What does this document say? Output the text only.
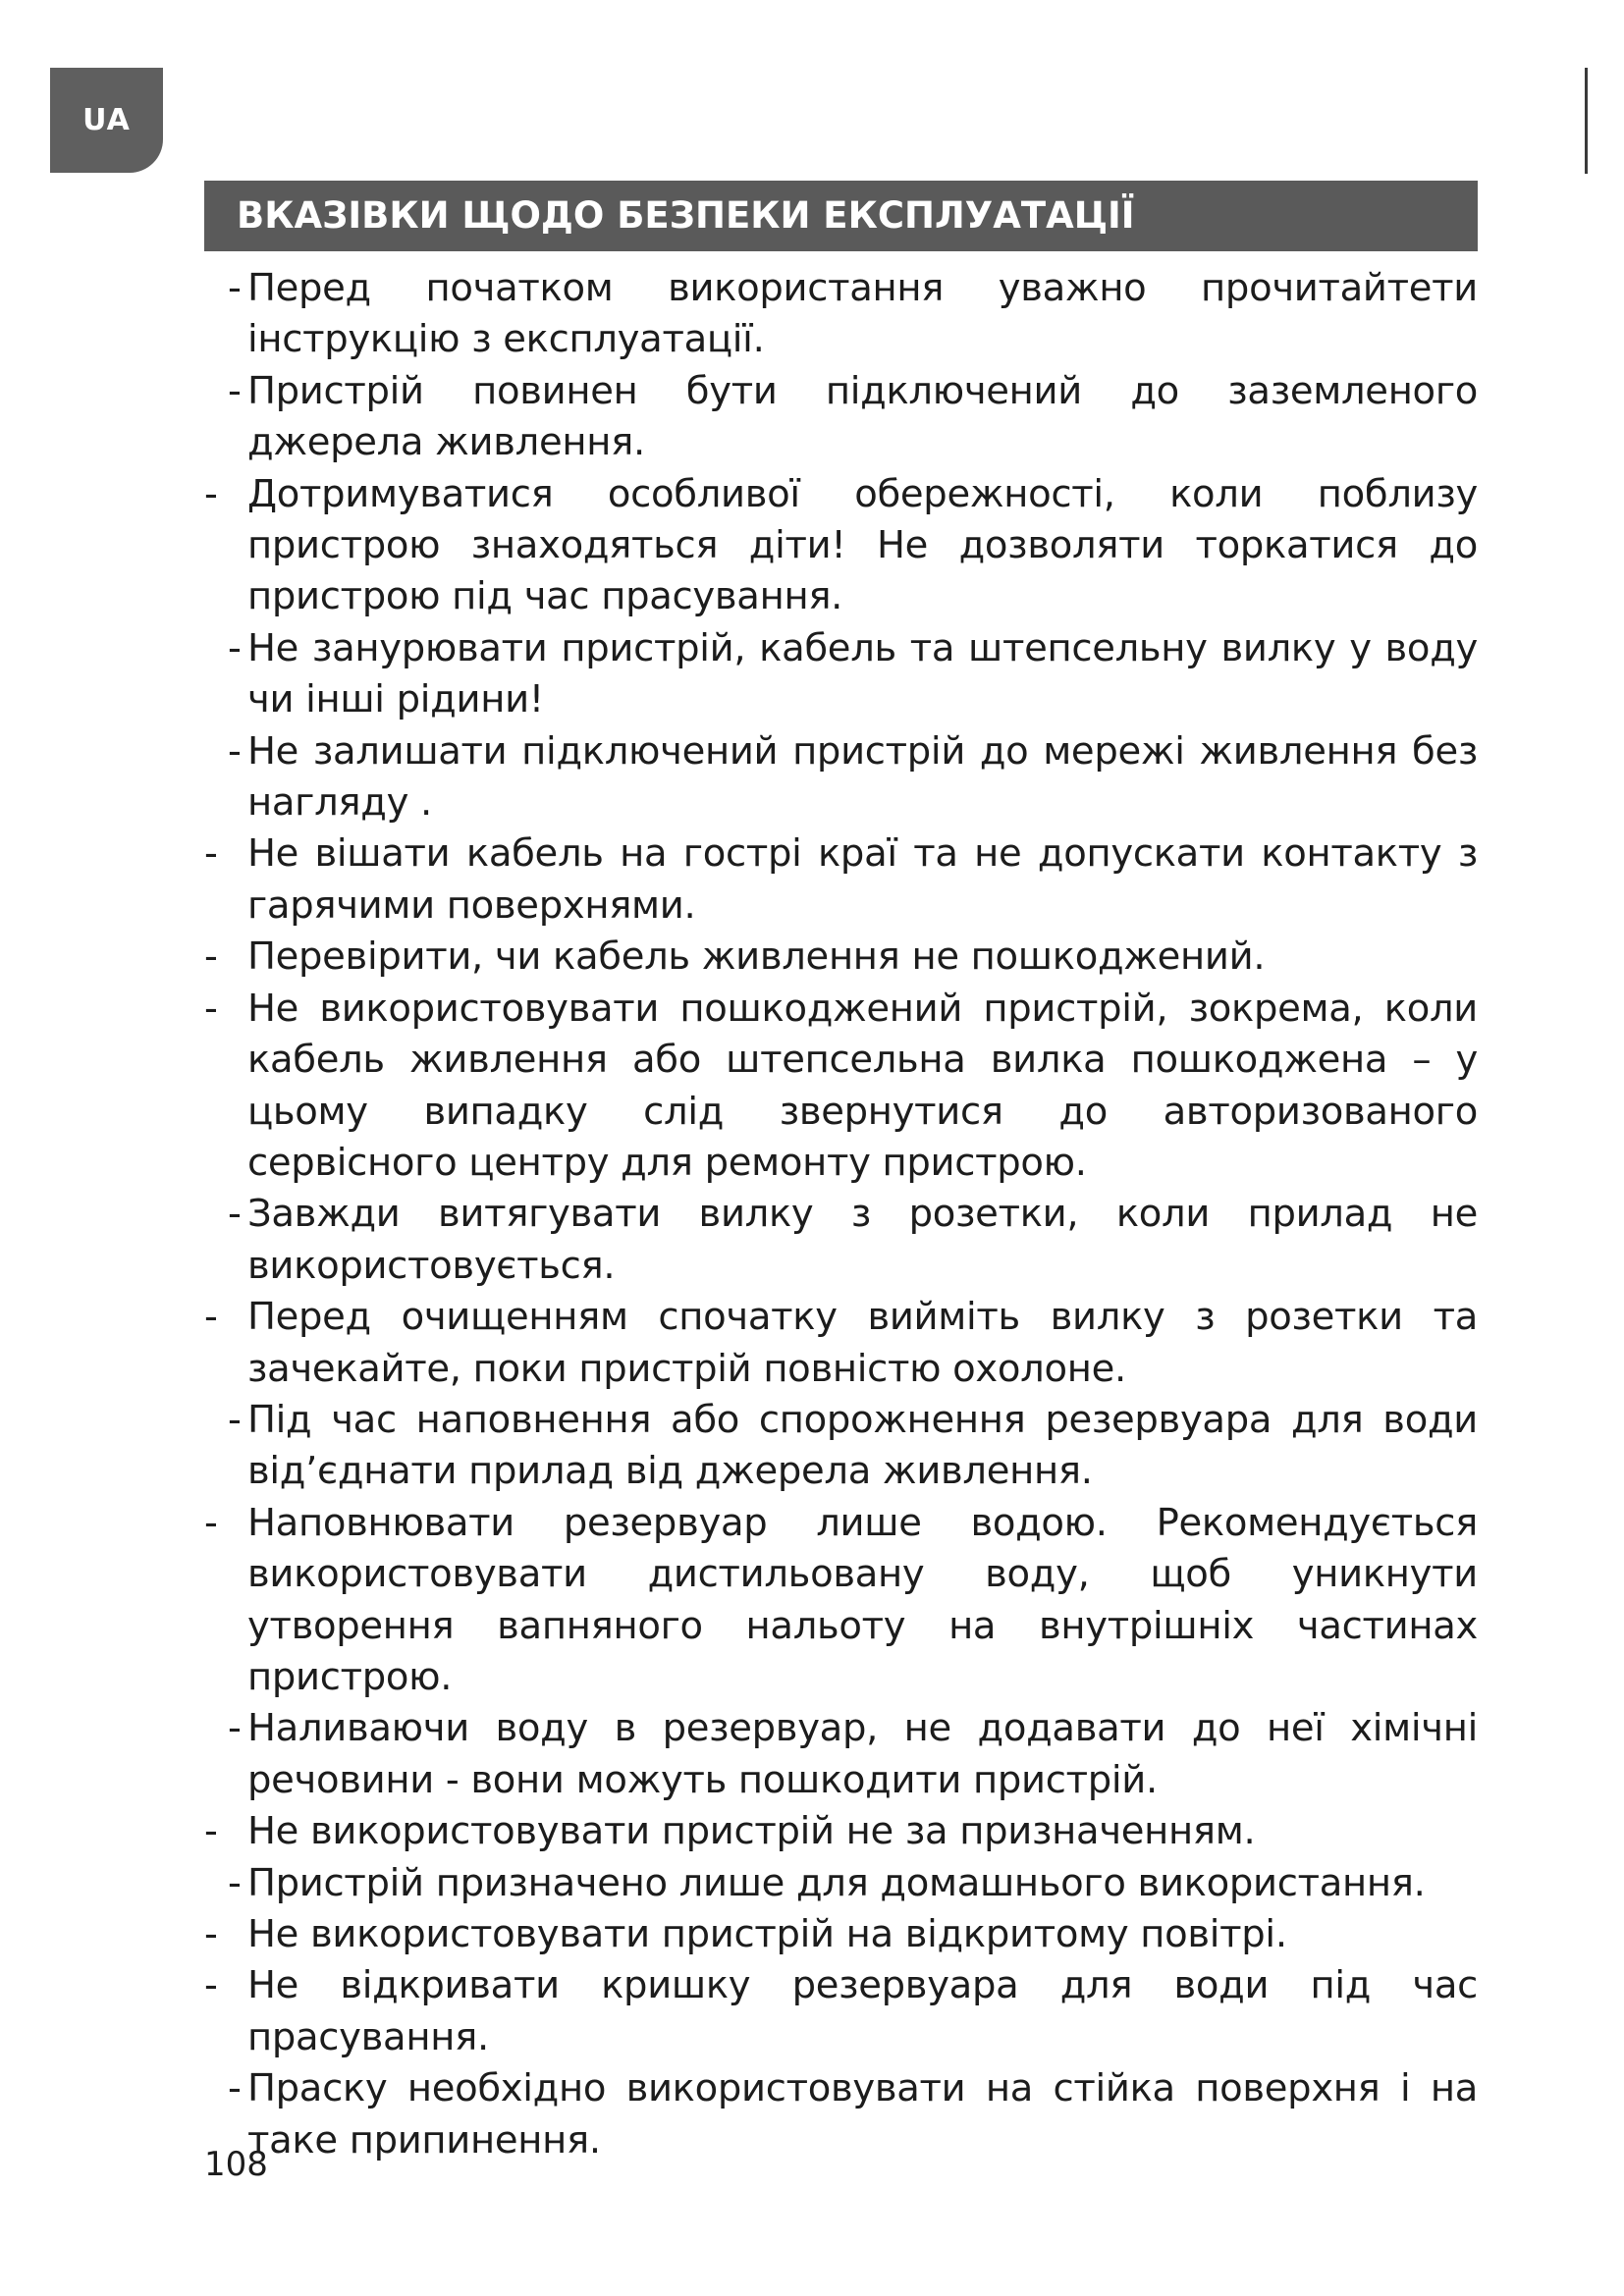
UA
ВКАЗІВКИ ЩОДО БЕЗПЕКИ ЕКСПЛУАТАЦІЇ
- Перед початком використання уважно прочитайтети інструкцію з експлуатації.
- Пристрій повинен бути підключений до заземленого джерела живлення.
- Дотримуватися особливої обережності, коли поблизу пристрою знаходяться діти! Не дозволяти торкатися до пристрою під час прасування.
- Не занурювати пристрій, кабель та штепсельну вилку у воду чи інші рідини!
- Не залишати підключений пристрій до мережі живлення без нагляду .
- Не вішати кабель на гострі краї та не допускати контакту з гарячими поверхнями.
- Перевірити, чи кабель живлення не пошкоджений.
- Не використовувати пошкоджений пристрій, зокрема, коли кабель живлення або штепсельна вилка пошкоджена – у цьому випадку слід звернутися до авторизованого сервісного центру для ремонту пристрою.
- Завжди витягувати вилку з розетки, коли прилад не використовується.
- Перед очищенням спочатку вийміть вилку з розетки та зачекайте, поки пристрій повністю охолоне.
- Під час наповнення або спорожнення резервуара для води від’єднати прилад від джерела живлення.
- Наповнювати резервуар лише водою. Рекомендується використовувати дистильовану воду, щоб уникнути утворення вапняного нальоту на внутрішніх частинах пристрою.
- Наливаючи воду в резервуар, не додавати до неї хімічні речовини - вони можуть пошкодити пристрій.
- Не використовувати пристрій не за призначенням.
- Пристрій призначено лише для домашнього використання.
- Не використовувати пристрій на відкритому повітрі.
- Не відкривати кришку резервуара для води під час прасування.
- Праску необхідно використовувати на стійка поверхня і на таке припинення.
108
